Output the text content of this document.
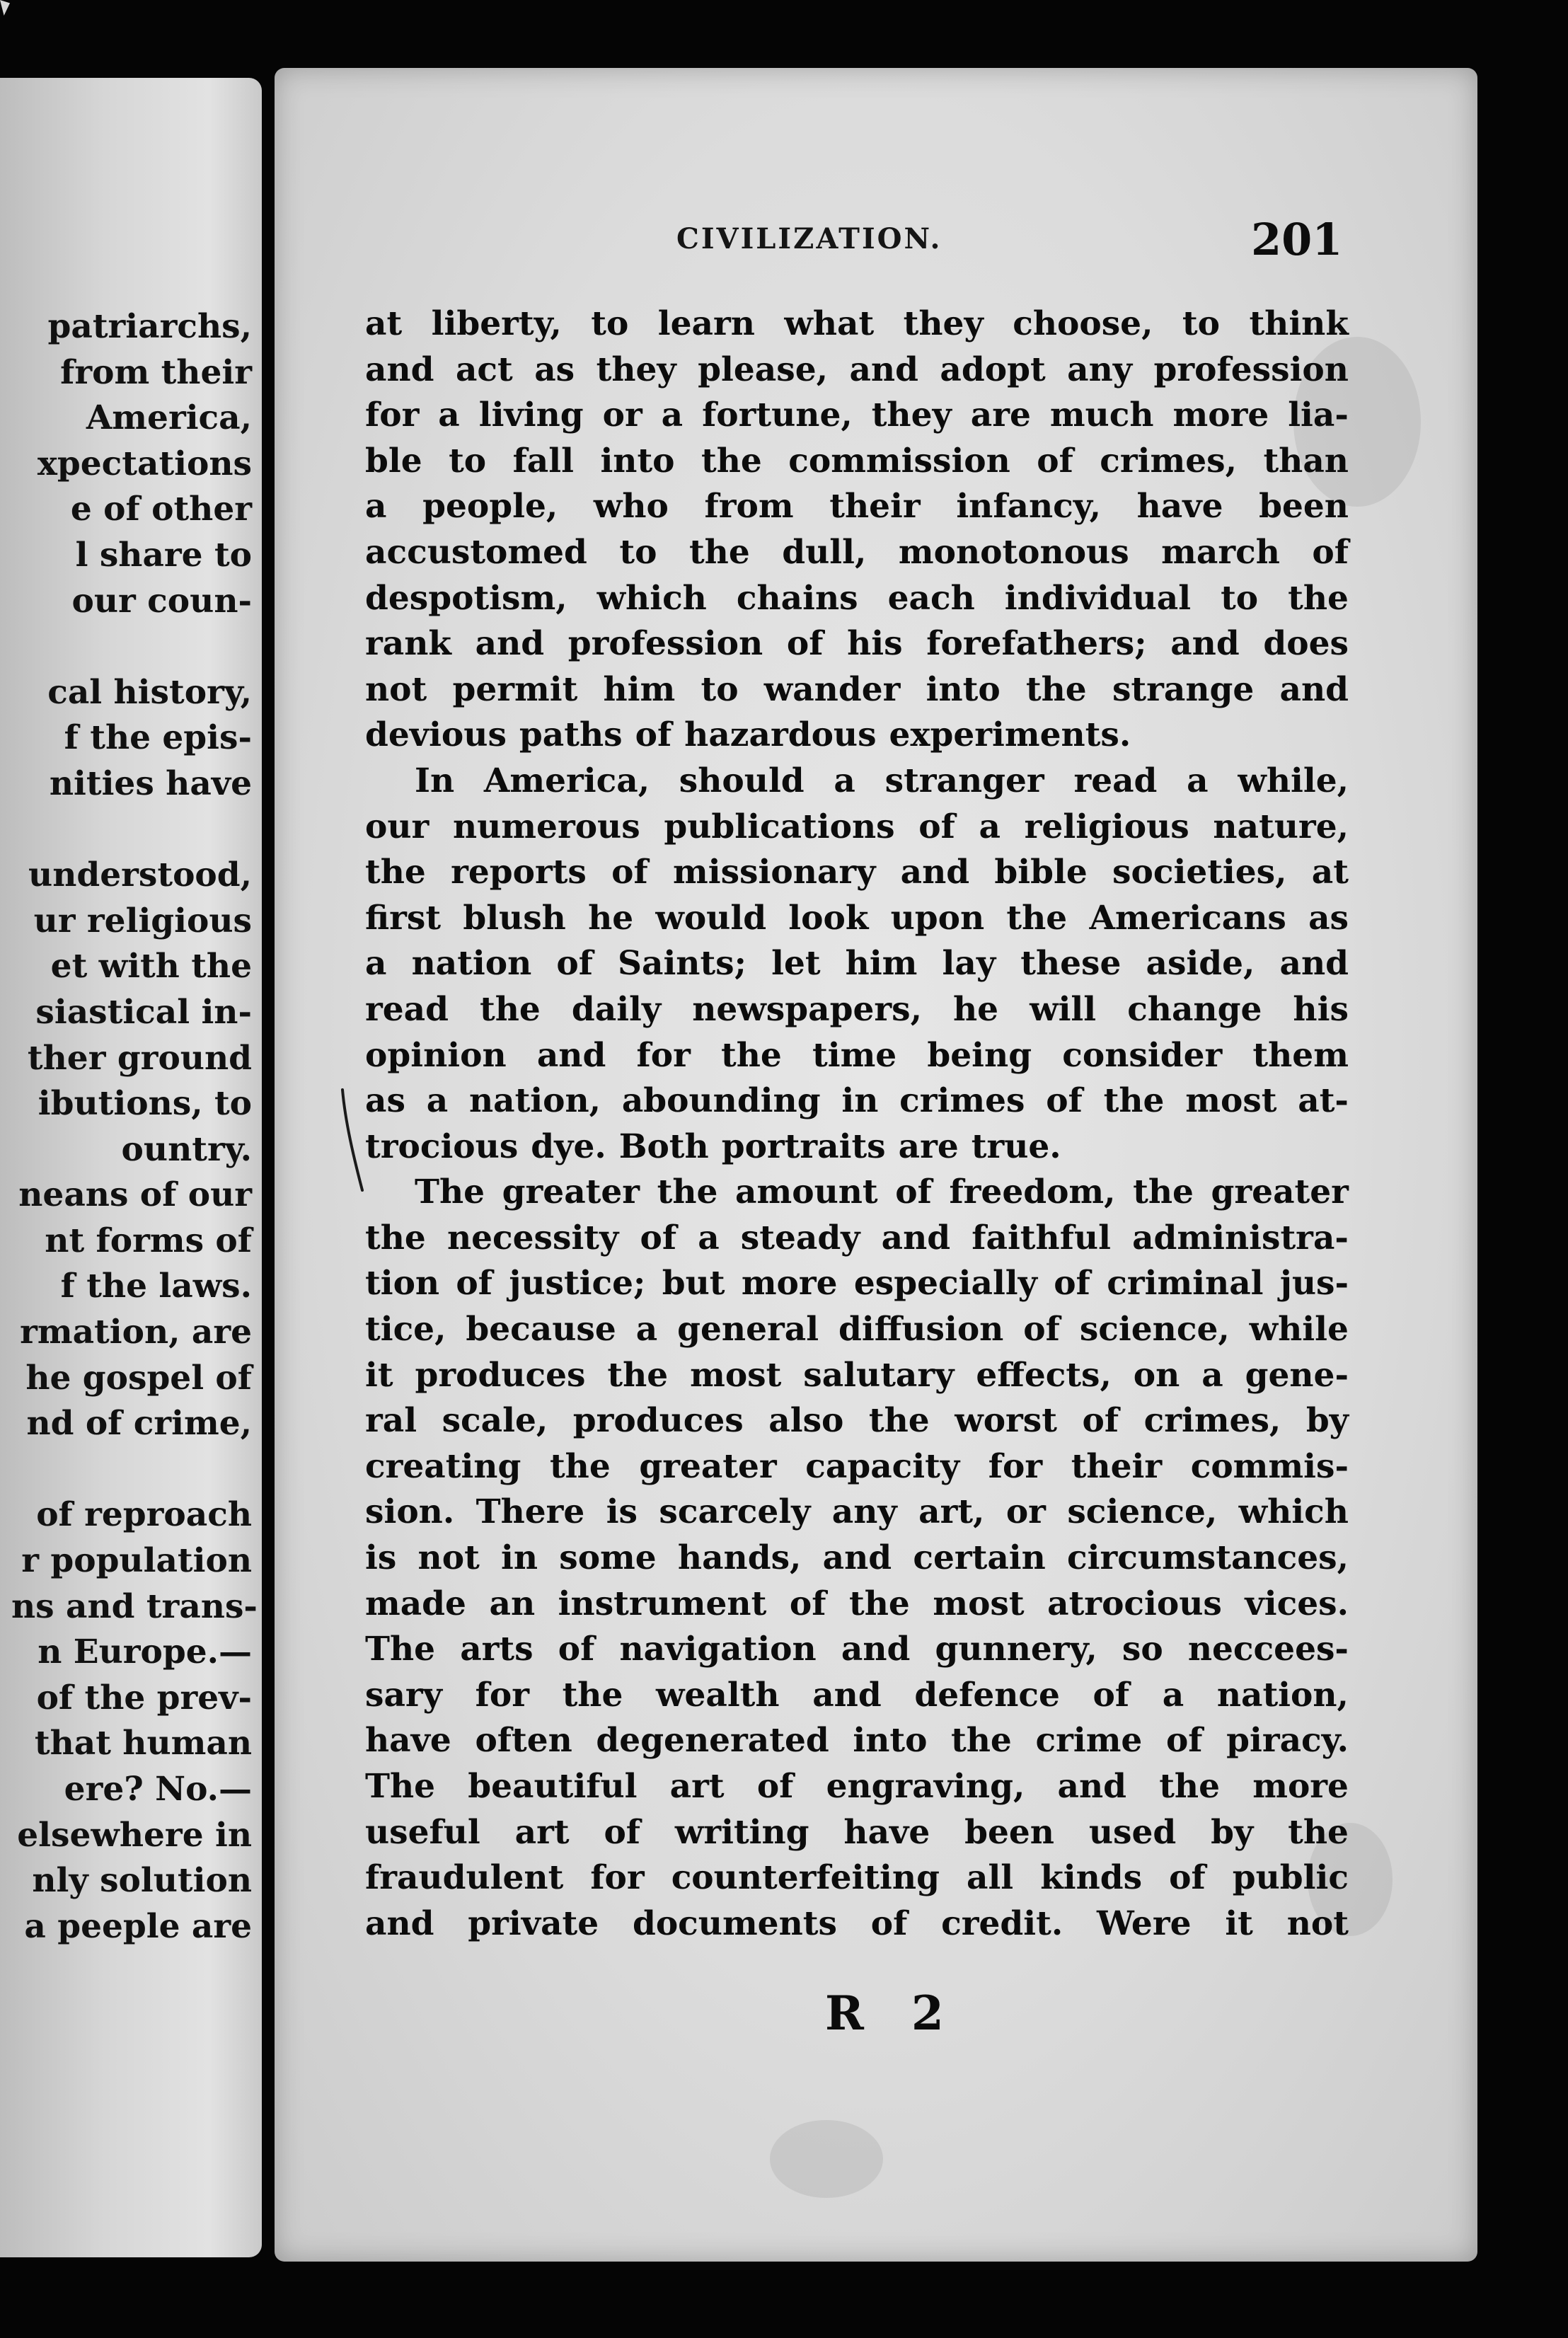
patriarchs,
from their
America,
xpectations
e of other
l share to
our coun-
cal history,
f the epis-
nities have
understood,
ur religious
et with the
siastical in-
ther ground
ibutions, to
ountry.
neans of our
nt forms of
f the laws.
rmation, are
he gospel of
nd of crime,
of reproach
r population
ns and trans-
n Europe.—
of the prev-
that human
ere? No.—
elsewhere in
nly solution
a peeple are
CIVILIZATION.	201
at liberty, to learn what they choose, to think
and act as they please, and adopt any profession
for a living or a fortune, they are much more lia-
ble to fall into the commission of crimes, than
a people, who from their infancy, have been
accustomed to the dull, monotonous march of
despotism, which chains each individual to the
rank and profession of his forefathers; and does
not permit him to wander into the strange and
devious paths of hazardous experiments.
In America, should a stranger read a while,
our numerous publications of a religious nature,
the reports of missionary and bible societies, at
first blush he would look upon the Americans as
a nation of Saints; let him lay these aside, and
read the daily newspapers, he will change his
opinion and for the time being consider them
as a nation, abounding in crimes of the most at-
trocious dye. Both portraits are true.
The greater the amount of freedom, the greater
the necessity of a steady and faithful administra-
tion of justice; but more especially of criminal jus-
tice, because a general diffusion of science, while
it produces the most salutary effects, on a gene-
ral scale, produces also the worst of crimes, by
creating the greater capacity for their commis-
sion. There is scarcely any art, or science, which
is not in some hands, and certain circumstances,
made an instrument of the most atrocious vices.
The arts of navigation and gunnery, so neccees-
sary for the wealth and defence of a nation,
have often degenerated into the crime of piracy.
The beautiful art of engraving, and the more
useful art of writing have been used by the
fraudulent for counterfeiting all kinds of public
and private documents of credit. Were it not
R 2
